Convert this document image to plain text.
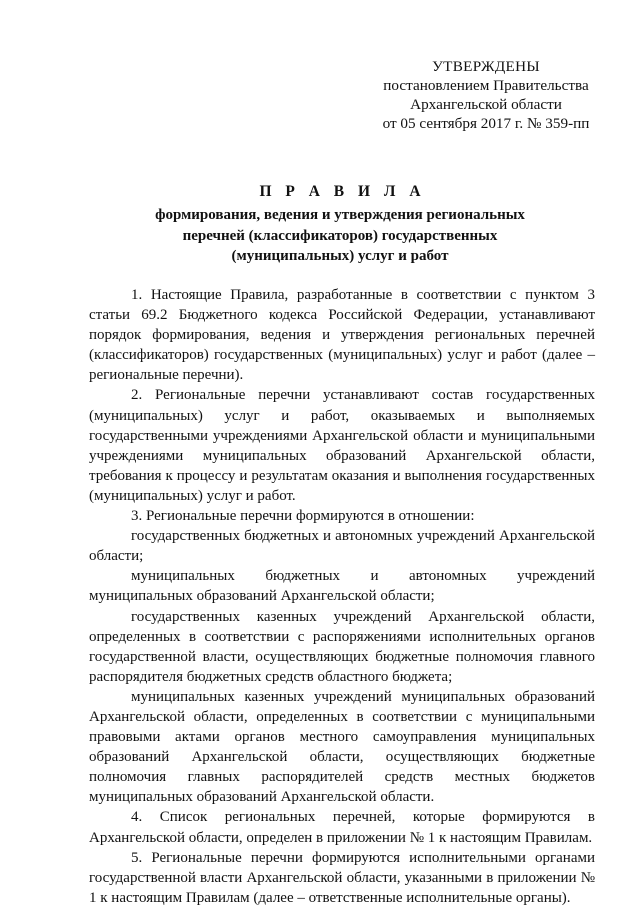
УТВЕРЖДЕНЫ
постановлением Правительства
Архангельской области
от 05 сентября 2017 г. № 359-пп
П Р А В И Л А
формирования, ведения и утверждения региональных
перечней (классификаторов) государственных
(муниципальных) услуг и работ

1. Настоящие Правила, разработанные в соответствии с пунктом 3 статьи 69.2 Бюджетного кодекса Российской Федерации, устанавливают порядок формирования, ведения и утверждения региональных перечней (классификаторов) государственных (муниципальных) услуг и работ (далее – региональные перечни).

2. Региональные перечни устанавливают состав государственных (муниципальных) услуг и работ, оказываемых и выполняемых государственными учреждениями Архангельской области и муниципальными учреждениями муниципальных образований Архангельской области, требования к процессу и результатам оказания и выполнения государственных (муниципальных) услуг и работ.

3. Региональные перечни формируются в отношении:

государственных бюджетных и автономных учреждений Архангельской области;

муниципальных бюджетных и автономных учреждений муниципальных образований Архангельской области;

государственных казенных учреждений Архангельской области, определенных в соответствии с распоряжениями исполнительных органов государственной власти, осуществляющих бюджетные полномочия главного распорядителя бюджетных средств областного бюджета;

муниципальных казенных учреждений муниципальных образований Архангельской области, определенных в соответствии с муниципальными правовыми актами органов местного самоуправления муниципальных образований Архангельской области, осуществляющих бюджетные полномочия главных распорядителей средств местных бюджетов муниципальных образований Архангельской области.

4. Список региональных перечней, которые формируются в Архангельской области, определен в приложении № 1 к настоящим Правилам.

5. Региональные перечни формируются исполнительными органами государственной власти Архангельской области, указанными в приложении № 1 к настоящим Правилам (далее – ответственные исполнительные органы).
